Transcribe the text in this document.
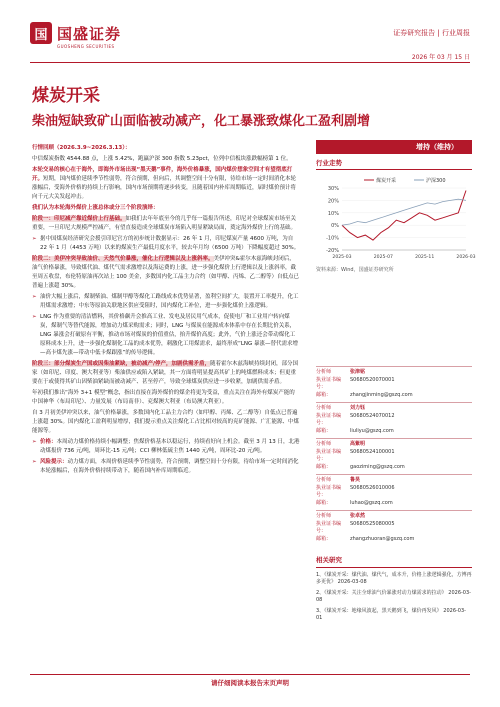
国 国盛证券
GUOSHENG SECURITIES
证券研究报告 | 行业周报
2026 年 03 月 15 日
煤炭开采
柴油短缺致矿山面临被动减产，化工暴涨致煤化工盈利剧增
增持（维持）

行情回顾（2026.3.9~2026.3.13）：

中信煤炭指数 4544.88 点，上涨 5.42%，跑赢沪深 300 指数 5.23pct，位列中信板块涨跌幅榜第 1 位。

本轮交易的核心在于海外，即海外市场出现“黑天鹅”事件，海外价格暴涨，国内煤价想象空间才有望彻底打开。短期，国内煤价延续季节性弱势，符合预期，但向后，其调整空间十分有限，待给市场一定时间消化本轮涨幅后，受海外价格的持续上行影响，国内市场预期将逐步转变，且随着国内补库周期临近，届时煤价预计将向千元大关发起冲击。

我们认为本轮海外煤价上涨总体或分三个阶段演绎：

阶段一：印尼减产靠近煤价上行基础。如我们去年年底至今的几乎每一篇报告所述，印尼对全球煤炭市场至关重要，一旦印尼大规模严控减产，有望直接造成全球煤炭市场陷入明显紧缺局面，奠定海外煤价上行的基础。

➢ 据中国煤炭经济研究会援引印尼官方的初步统计数据显示：26 年 1 月，印尼煤炭产量 4600 万吨，为自 22 年 1 月（4453 万吨）以来的煤炭生产最低月度水平，较去年月均（6500 万吨）下降幅度超过 30%。

阶段二：美伊冲突导致油价、天然气价暴涨，催化上行逻辑以及上涨斜率。美伊冲突&霍尔木兹海峡封闭后，油气价格暴涨，导致煤代油、煤代气需求激增以及海运费的上涨，进一步强化煤价上行逻辑以及上涨斜率，截至周五收盘，布伦特原油再次站上 100 美金，多数国内化工品主力合约（如甲醇、丙烯、乙二醇等）自低点已普遍上涨超 30%。

➢ 油价大幅上涨后，煤制柴油、煤制甲醇等煤化工路线成本优势显著，盈利空间扩大，装置开工率提升，化工用煤需求激增；中东等原油关联地区供应受阻时，国内煤化工补位，进一步强化煤价上涨逻辑。
➢ LNG 作为重要的清洁燃料，其价格飙升会推高工业、发电及居民用气成本，促使电厂和工业用户转向煤炭，煤制气等替代能源，增加动力煤采购需求；同时，LNG 与煤炭在能源成本体系中存在长期比价关系，LNG 暴涨会打破原有平衡，推动市场对煤炭的价值重估，抬升煤价高度；此外，气价上涨还会带动煤化工原料成本上升，进一步强化煤制化工品的成本优势，刺激化工用煤需求，最终形成“LNG 暴涨—替代需求增—高卡煤先涨—带动中低卡煤跟涨”的传导逻辑。

阶段三：部分煤炭生产国或因柴油紧缺，被动减产/停产，加剧供需矛盾，随着霍尔木兹海峡持续封闭，部分国家（如印尼、印度、澳大利亚等）柴油供应或陷入紧缺，其一方面将明显提高其矿上的吨煤燃料成本；但更重要在于或使得其矿山因柴油紧缺而被动减产、甚至停产，导致全球煤炭供应进一步收紧，加剧供需矛盾。

年初我们推出“海外 3+1 模型”概念，指出直接在海外煤价的煤企将更为受益，重点关注在海外有煤炭产能的中国神华（布局印尼）、力量发展（布局南非）、兖煤澳大利亚（布局澳大利亚）。

自 3 月初美伊冲突以来，油气价格暴涨，多数国内化工品主力合约（如甲醇、丙烯、乙二醇等）自低点已普遍上涨超 30%。国内煤化工盈利明显增厚，我们提示重点关注煤化工占比相对较高的兖矿能源、广汇能源、中煤能源等。

➢ 价格：本周动力煤价格持续小幅调整；焦煤价格基本以稳运行，持续看好向上机会。截至 3 月 13 日，北港动煤报价 736 元/吨，周环比-15 元/吨；CCI 柳林低硫主焦 1440 元/吨，周环比-20 元/吨。
➢ 风险提示：动力煤方面，本周价格延续季节性弱势，符合预期，调整空间十分有限，待给市场一定时间消化本轮涨幅后，在海外价格持续带动下，随着国内补库周期临近。
行业走势
30%
20%
10%
0%
-10%
-20%
2025-03	2025-07	2025-11	2026-03
煤炭开采	沪深300
资料来源：Wind，国盛证券研究所
分析师	张津铭
执业证书编号：
S0680520070001
邮箱：	zhangjinming@gszq.com
分析师	刘力钰
执业证书编号：
S0680524070012
邮箱：	liuliyu@gszq.com
分析师	高紫明
执业证书编号：
S0680524100001
邮箱：	gaoziming@gszq.com
分析师	鲁昊
执业证书编号：
S0680526010006
邮箱：	luhao@gszq.com
分析师	张卓然
执业证书编号：
S0680525080005
邮箱：	zhangzhuoran@gszq.com
相关研究
1、《煤炭开采：煤代油、煤代气，成本升，价格上涨逻辑强化，方博再多更优》 2026-03-08
2、《煤炭开采：关注全球油气价暴涨对动力煤需求的拉动》 2026-03-08
3、《煤炭开采：地缘风波起，黑天鹅到飞，煤价再发风》 2026-03-01
请仔细阅读本报告末页声明
